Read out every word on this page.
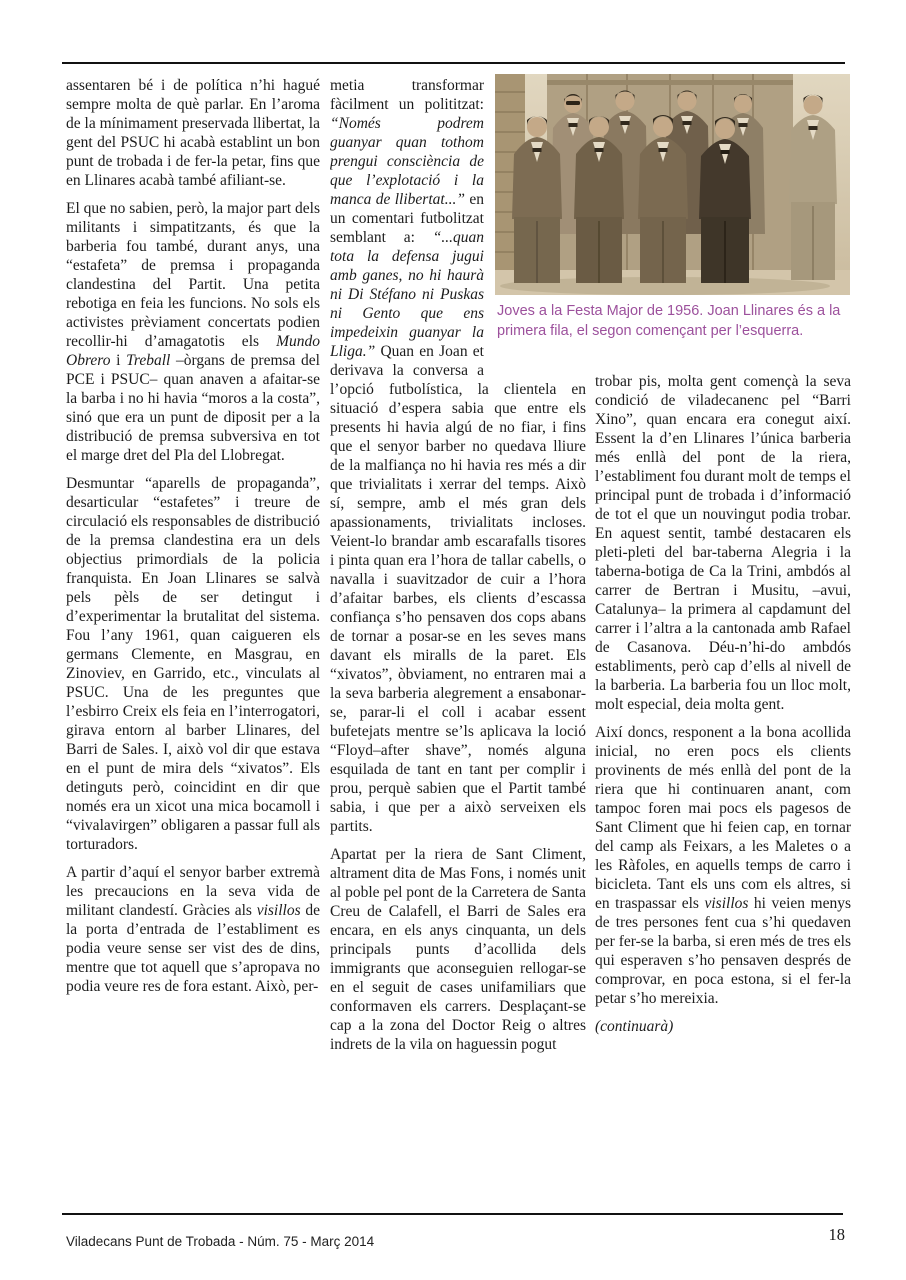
assentaren bé i de política n’hi hagué sempre molta de què parlar. En l’aroma de la mínimament preservada llibertat, la gent del PSUC hi acabà establint un bon punt de trobada i de fer-la petar, fins que en Llinares acabà també afiliant-se.

El que no sabien, però, la major part dels militants i simpatitzants, és que la barberia fou també, durant anys, una “estafeta” de premsa i propaganda clandestina del Partit. Una petita rebotiga en feia les funcions. No sols els activistes prèviament concertats podien recollir-hi d’amagatotis els Mundo Obrero i Treball –òrgans de premsa del PCE i PSUC– quan anaven a afaitar-se la barba i no hi havia “moros a la costa”, sinó que era un punt de diposit per a la distribució de premsa subversiva en tot el marge dret del Pla del Llobregat.

Desmuntar “aparells de propaganda”, desarticular “estafetes” i treure de circulació els responsables de distribució de la premsa clandestina era un dels objectius primordials de la policia franquista. En Joan Llinares se salvà pels pèls de ser detingut i d’experimentar la brutalitat del sistema. Fou l’any 1961, quan caigueren els germans Clemente, en Masgrau, en Zinoviev, en Garrido, etc., vinculats al PSUC. Una de les preguntes que l’esbirro Creix els feia en l’interrogatori, girava entorn al barber Llinares, del Barri de Sales. I, això vol dir que estava en el punt de mira dels “xivatos”. Els detinguts però, coincidint en dir que només era un xicot una mica bocamoll i “vivalavirgen” obligaren a passar full als torturadors.

A partir d’aquí el senyor barber extremà les precaucions en la seva vida de militant clandestí. Gràcies als visillos de la porta d’entrada de l’establiment es podia veure sense ser vist des de dins, mentre que tot aquell que s’apropava no podia veure res de fora estant. Això, per-

metia transformar fàcilment un polititzat: “Només podrem guanyar quan tothom prengui consciència de que l’explotació i la manca de llibertat...” en un comentari futbolitzat semblant a: “...quan tota la defensa jugui amb ganes, no hi haurà ni Di Stéfano ni Puskas ni Gento que ens impedeixin guanyar la Lliga.” Quan en Joan et derivava la conversa a l’opció futbolística, la clientela en situació d’espera sabia que entre els presents hi havia algú de no fiar, i fins que el senyor barber no quedava lliure de la malfiança no hi havia res més a dir que trivialitats i xerrar del temps. Això sí, sempre, amb el més gran dels apassionaments, trivialitats incloses. Veient-lo brandar amb escarafalls tisores i pinta quan era l’hora de tallar cabells, o navalla i suavitzador de cuir a l’hora d’afaitar barbes, els clients d’escassa confiança s’ho pensaven dos cops abans de tornar a posar-se en les seves mans davant els miralls de la paret. Els “xivatos”, òbviament, no entraren mai a la seva barberia alegrement a ensabonar-se, parar-li el coll i acabar essent bufetejats mentre se’ls aplicava la loció “Floyd–after shave”, només alguna esquilada de tant en tant per complir i prou, perquè sabien que el Partit també sabia, i que per a això serveixen els partits.

Apartat per la riera de Sant Climent, altrament dita de Mas Fons, i només unit al poble pel pont de la Carretera de Santa Creu de Calafell, el Barri de Sales era encara, en els anys cinquanta, un dels principals punts d’acollida dels immigrants que aconseguien rellogar-se en el seguit de cases unifamiliars que conformaven els carrers. Desplaçant-se cap a la zona del Doctor Reig o altres indrets de la vila on haguessin pogut

Joves a la Festa Major de 1956. Joan Llinares és a la primera fila, el segon començant per l’esquerra.

trobar pis, molta gent començà la seva condició de viladecanenc pel “Barri Xino”, quan encara era conegut així. Essent la d’en Llinares l’única barberia més enllà del pont de la riera, l’establiment fou durant molt de temps el principal punt de trobada i d’informació de tot el que un nouvingut podia trobar. En aquest sentit, també destacaren els pleti-pleti del bar-taberna Alegria i la taberna-botiga de Ca la Trini, ambdós al carrer de Bertran i Musitu, –avui, Catalunya– la primera al capdamunt del carrer i l’altra a la cantonada amb Rafael de Casanova. Déu-n’hi-do ambdós establiments, però cap d’ells al nivell de la barberia. La barberia fou un lloc molt, molt especial, deia molta gent.

Així doncs, responent a la bona acollida inicial, no eren pocs els clients provinents de més enllà del pont de la riera que hi continuaren anant, com tampoc foren mai pocs els pagesos de Sant Climent que hi feien cap, en tornar del camp als Feixars, a les Maletes o a les Ràfoles, en aquells temps de carro i bicicleta. Tant els uns com els altres, si en traspassar els visillos hi veien menys de tres persones fent cua s’hi quedaven per fer-se la barba, si eren més de tres els qui esperaven s’ho pensaven després de comprovar, en poca estona, si el fer-la petar s’ho mereixia.

(continuarà)

Viladecans Punt de Trobada - Núm. 75 - Març 2014	18
